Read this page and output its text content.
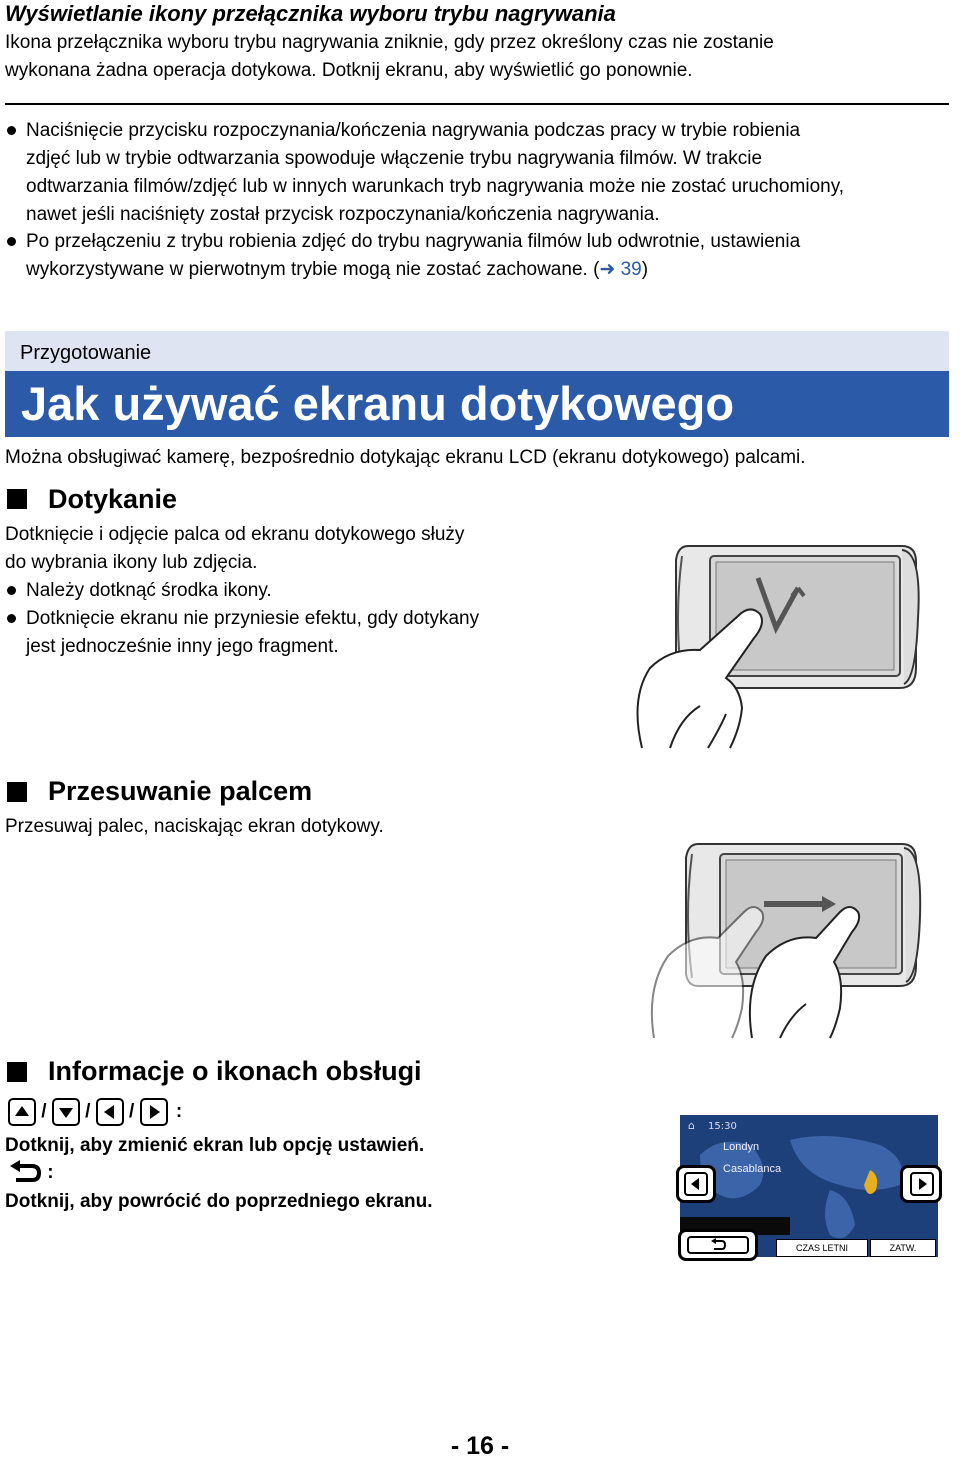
Wyświetlanie ikony przełącznika wyboru trybu nagrywania
Ikona przełącznika wyboru trybu nagrywania zniknie, gdy przez określony czas nie zostanie
wykonana żadna operacja dotykowa. Dotknij ekranu, aby wyświetlić go ponownie.
Naciśnięcie przycisku rozpoczynania/kończenia nagrywania podczas pracy w trybie robienia
zdjęć lub w trybie odtwarzania spowoduje włączenie trybu nagrywania filmów. W trakcie
odtwarzania filmów/zdjęć lub w innych warunkach tryb nagrywania może nie zostać uruchomiony,
nawet jeśli naciśnięty został przycisk rozpoczynania/kończenia nagrywania.
Po przełączeniu z trybu robienia zdjęć do trybu nagrywania filmów lub odwrotnie, ustawienia
wykorzystywane w pierwotnym trybie mogą nie zostać zachowane. (➜ 39)
Przygotowanie
Jak używać ekranu dotykowego
Można obsługiwać kamerę, bezpośrednio dotykając ekranu LCD (ekranu dotykowego) palcami.
Dotykanie
Dotknięcie i odjęcie palca od ekranu dotykowego służy
do wybrania ikony lub zdjęcia.
Należy dotknąć środka ikony.
Dotknięcie ekranu nie przyniesie efektu, gdy dotykany
jest jednocześnie inny jego fragment.
Przesuwanie palcem
Przesuwaj palec, naciskając ekran dotykowy.
Informacje o ikonach obsługi
/ / / :
Dotknij, aby zmienić ekran lub opcję ustawień.
:
Dotknij, aby powrócić do poprzedniego ekranu.
⌂ 15:30
Londyn
Casablanca
CZAS LETNI	ZATW.
- 16 -
